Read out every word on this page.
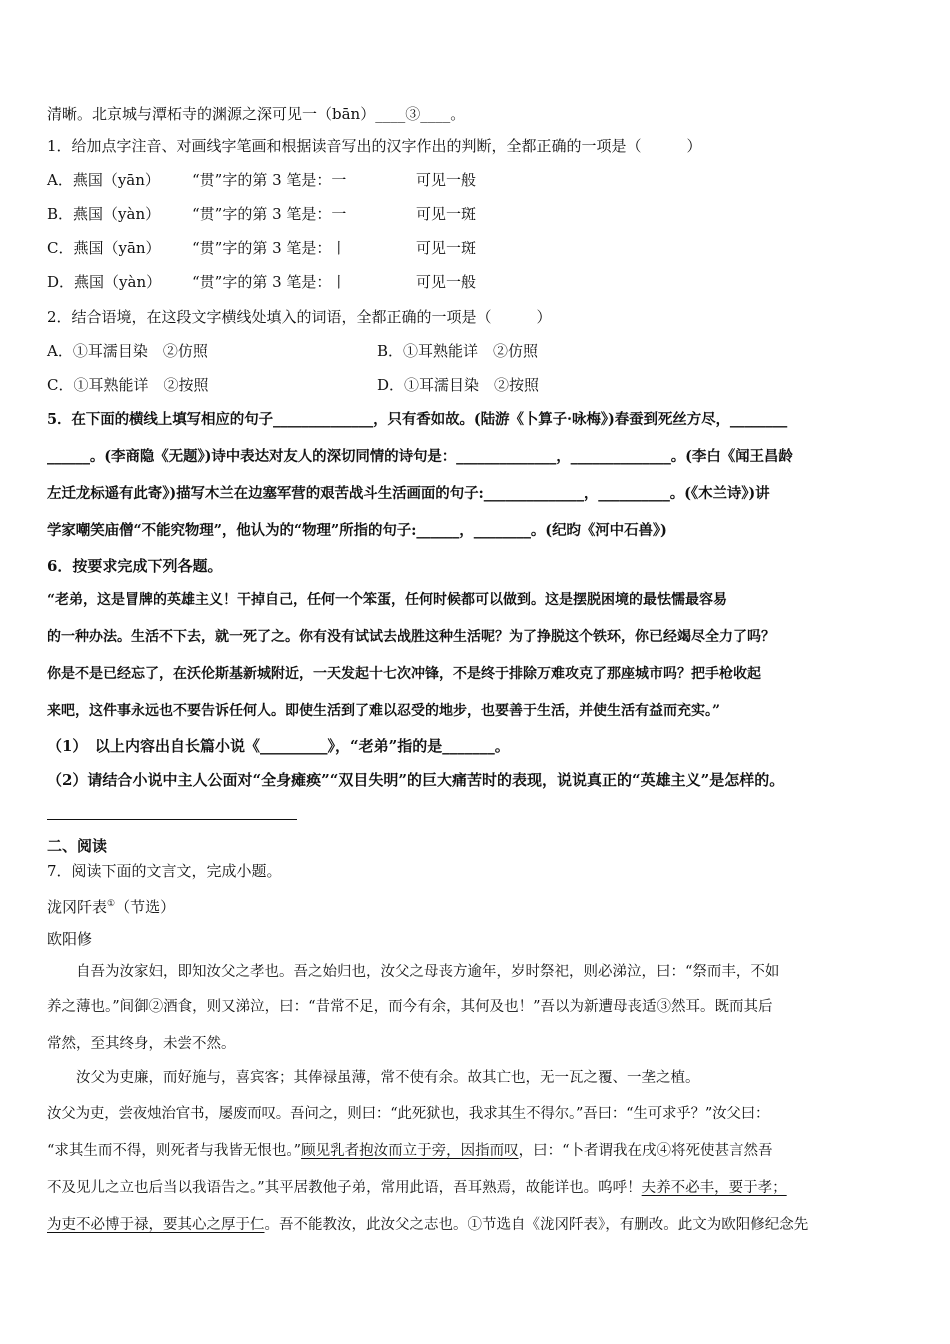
清晰。北京城与潭柘寺的渊源之深可见一（bān）____③____。
1．给加点字注音、对画线字笔画和根据读音写出的汉字作出的判断，全都正确的一项是（　　　）
A．燕国（yān） “贯”字的第 3 笔是：一	可见一般
B．燕国（yàn） “贯”字的第 3 笔是：一	可见一斑
C．燕国（yān） “贯”字的第 3 笔是：丨	可见一斑
D．燕国（yàn） “贯”字的第 3 笔是：丨	可见一般
2．结合语境，在这段文字横线处填入的词语，全都正确的一项是（　　　）
A．①耳濡目染　②仿照	B．①耳熟能详　②仿照
C．①耳熟能详　②按照	D．①耳濡目染　②按照
5．在下面的横线上填写相应的句子______________，只有香如故。(陆游《卜算子·咏梅》)春蚕到死丝方尽，________
______。(李商隐《无题》)诗中表达对友人的深切同情的诗句是：______________，______________。(李白《闻王昌龄
左迁龙标遥有此寄》)描写木兰在边塞军营的艰苦战斗生活画面的句子:______________，__________。(《木兰诗》)讲
学家嘲笑庙僧“不能究物理”，他认为的“物理”所指的句子:______，________。(纪昀《河中石兽》)
6．按要求完成下列各题。
“老弟，这是冒牌的英雄主义！干掉自己，任何一个笨蛋，任何时候都可以做到。这是摆脱困境的最怯懦最容易
的一种办法。生活不下去，就一死了之。你有没有试试去战胜这种生活呢？为了挣脱这个铁环，你已经竭尽全力了吗？
你是不是已经忘了，在沃伦斯基新城附近，一天发起十七次冲锋，不是终于排除万难攻克了那座城市吗？把手枪收起
来吧，这件事永远也不要告诉任何人。即使生活到了难以忍受的地步，也要善于生活，并使生活有益而充实。”
（1）　以上内容出自长篇小说《_________》，“老弟”指的是_______。
（2）请结合小说中主人公面对“全身瘫痪”“双目失明”的巨大痛苦时的表现，说说真正的“英雄主义”是怎样的。
二、阅读
7．阅读下面的文言文，完成小题。
泷冈阡表①（节选）
欧阳修
　　自吾为汝家妇，即知汝父之孝也。吾之始归也，汝父之母丧方逾年，岁时祭祀，则必涕泣，曰：“祭而丰，不如
养之薄也。”间御②酒食，则又涕泣，曰：“昔常不足，而今有余，其何及也！”吾以为新遭母丧适③然耳。既而其后
常然，至其终身，未尝不然。
　　汝父为吏廉，而好施与，喜宾客；其俸禄虽薄，常不使有余。故其亡也，无一瓦之覆、一垄之植。
汝父为吏，尝夜烛治官书，屡废而叹。吾问之，则曰：“此死狱也，我求其生不得尔。”吾曰：“生可求乎？”汝父曰：
“求其生而不得，则死者与我皆无恨也。”顾见乳者抱汝而立于旁，因指而叹，曰：“卜者谓我在戌④将死使甚言然吾
不及见儿之立也后当以我语告之。”其平居教他子弟，常用此语，吾耳熟焉，故能详也。呜呼！夫养不必丰，要于孝；
为吏不必博于禄，要其心之厚于仁。吾不能教汝，此汝父之志也。①节选自《泷冈阡表》，有删改。此文为欧阳修纪念先
